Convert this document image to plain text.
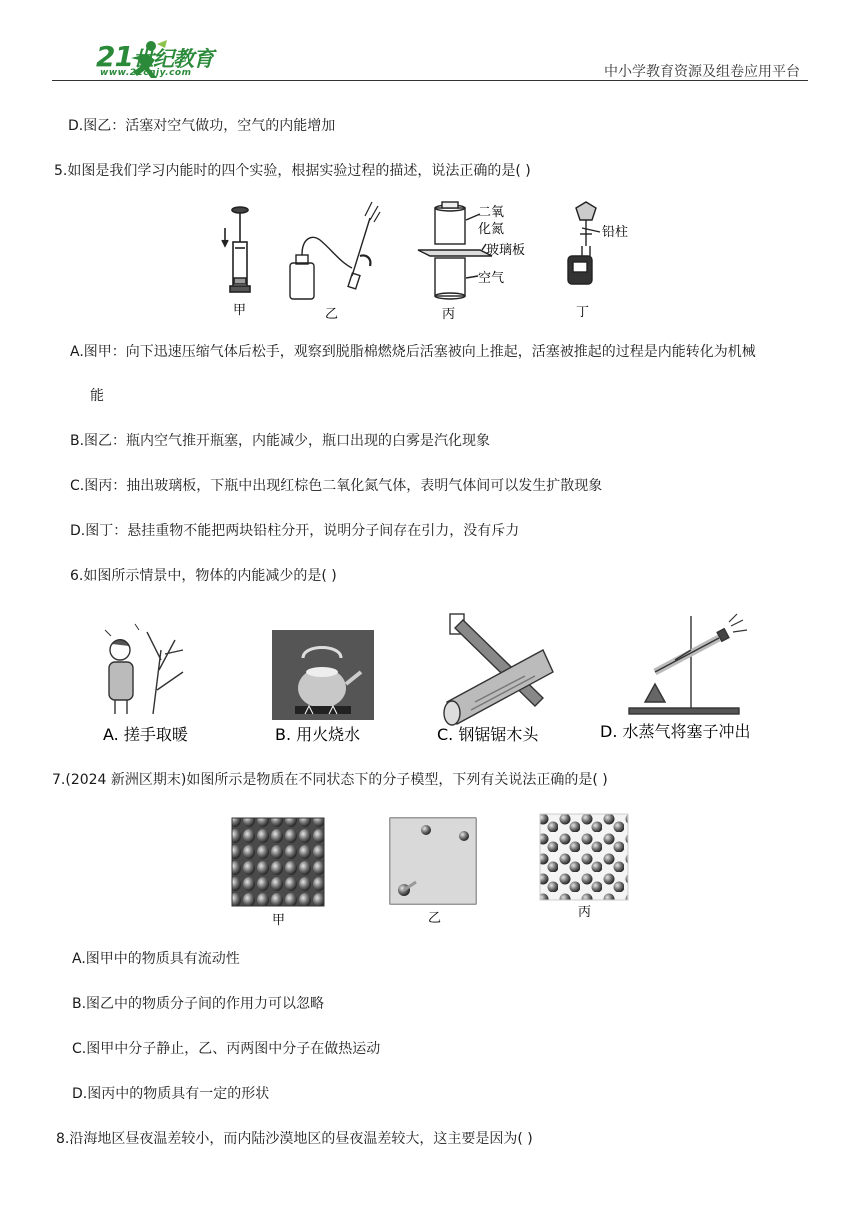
21世纪教育
www.21cnjy.com	中小学教育资源及组卷应用平台
D.图乙：活塞对空气做功，空气的内能增加
5.如图是我们学习内能时的四个实验，根据实验过程的描述，说法正确的是( )
甲	乙	丙	丁
二氧
化氮
玻璃板
空气
铅柱
A.图甲：向下迅速压缩气体后松手，观察到脱脂棉燃烧后活塞被向上推起，活塞被推起的过程是内能转化为机械
能
B.图乙：瓶内空气推开瓶塞，内能减少，瓶口出现的白雾是汽化现象
C.图丙：抽出玻璃板，下瓶中出现红棕色二氧化氮气体，表明气体间可以发生扩散现象
D.图丁：悬挂重物不能把两块铅柱分开，说明分子间存在引力，没有斥力
6.如图所示情景中，物体的内能减少的是( )
A. 搓手取暖	B. 用火烧水	C. 钢锯锯木头	D. 水蒸气将塞子冲出
7.(2024 新洲区期末)如图所示是物质在不同状态下的分子模型，下列有关说法正确的是( )
甲	乙	丙
A.图甲中的物质具有流动性
B.图乙中的物质分子间的作用力可以忽略
C.图甲中分子静止，乙、丙两图中分子在做热运动
D.图丙中的物质具有一定的形状
8.沿海地区昼夜温差较小，而内陆沙漠地区的昼夜温差较大，这主要是因为( )
